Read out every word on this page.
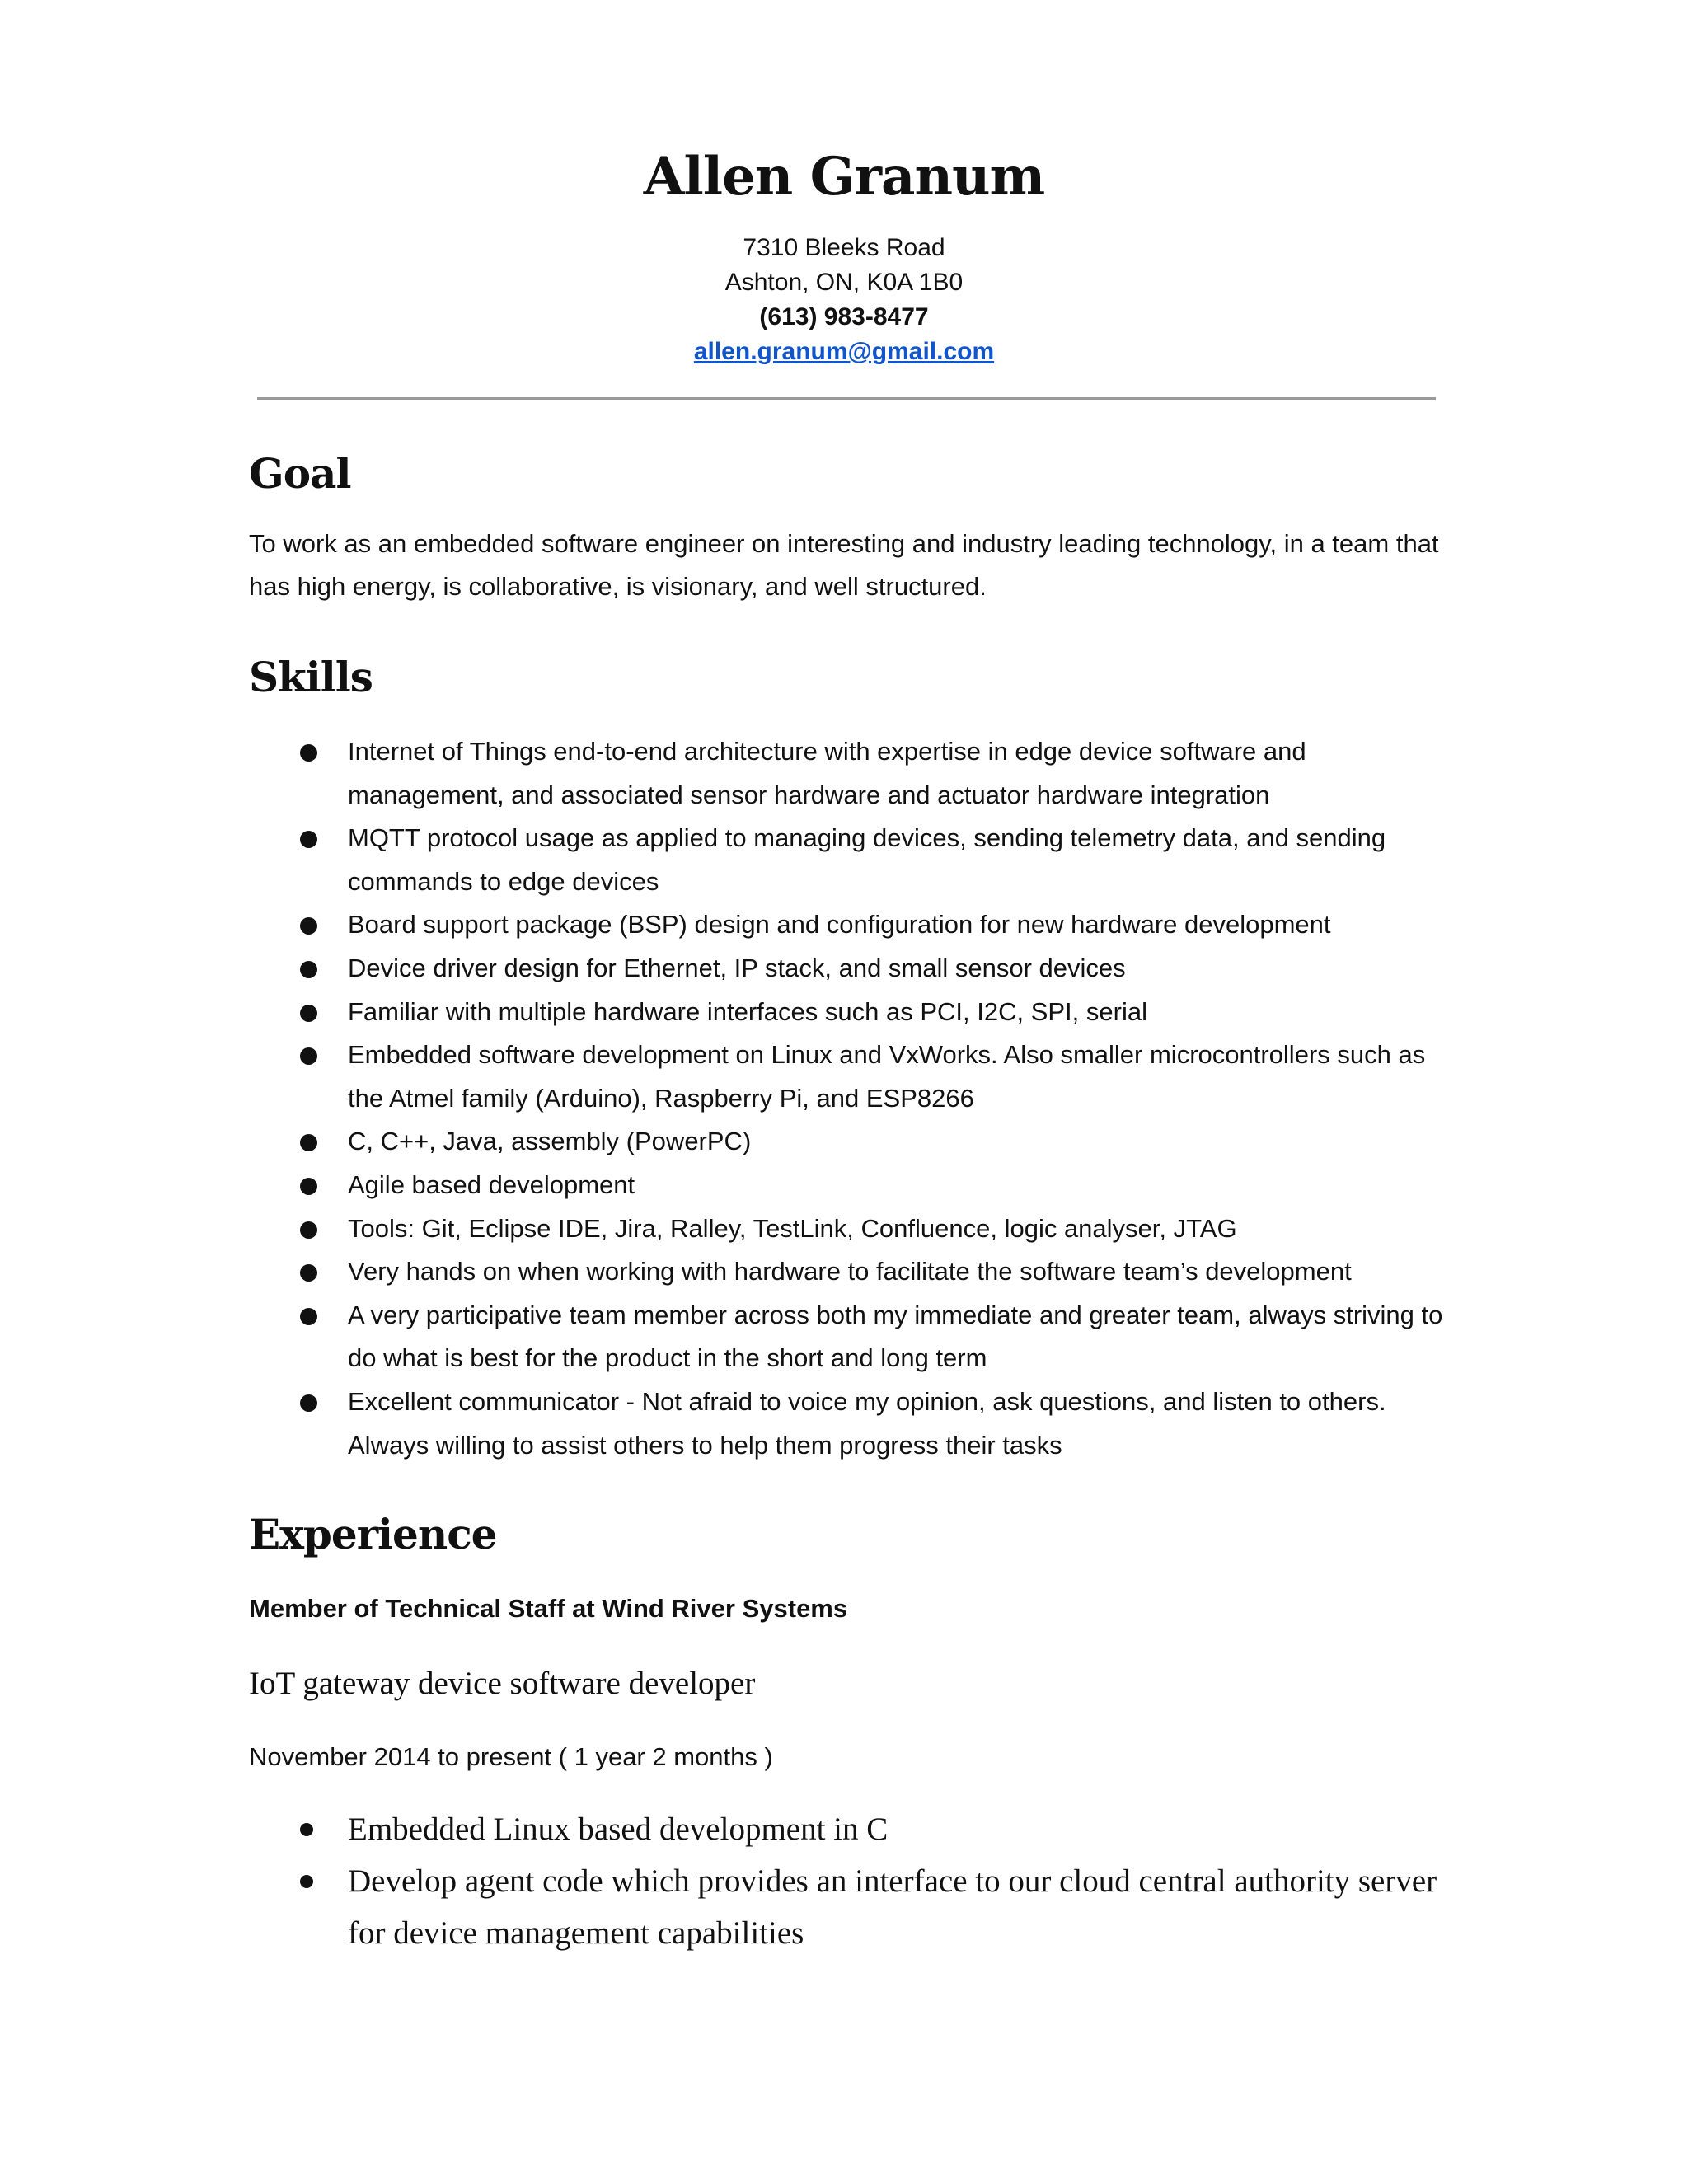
Allen Granum
7310 Bleeks Road
Ashton, ON, K0A 1B0
(613) 983-8477
allen.granum@gmail.com
Goal
To work as an embedded software engineer on interesting and industry leading technology, in a team that has high energy, is collaborative, is visionary, and well structured.
Skills
Internet of Things end-to-end architecture with expertise in edge device software and management, and associated sensor hardware and actuator hardware integration
MQTT protocol usage as applied to managing devices, sending telemetry data, and sending commands to edge devices
Board support package (BSP) design and configuration for new hardware development
Device driver design for Ethernet, IP stack, and small sensor devices
Familiar with multiple hardware interfaces such as PCI, I2C, SPI, serial
Embedded software development on Linux and VxWorks. Also smaller microcontrollers such as the Atmel family (Arduino), Raspberry Pi, and ESP8266
C, C++, Java, assembly (PowerPC)
Agile based development
Tools: Git, Eclipse IDE, Jira, Ralley, TestLink, Confluence, logic analyser, JTAG
Very hands on when working with hardware to facilitate the software team’s development
A very participative team member across both my immediate and greater team, always striving to do what is best for the product in the short and long term
Excellent communicator - Not afraid to voice my opinion, ask questions, and listen to others. Always willing to assist others to help them progress their tasks
Experience
Member of Technical Staff at Wind River Systems
IoT gateway device software developer
November 2014 to present ( 1 year 2 months )
Embedded Linux based development in C
Develop agent code which provides an interface to our cloud central authority server for device management capabilities
